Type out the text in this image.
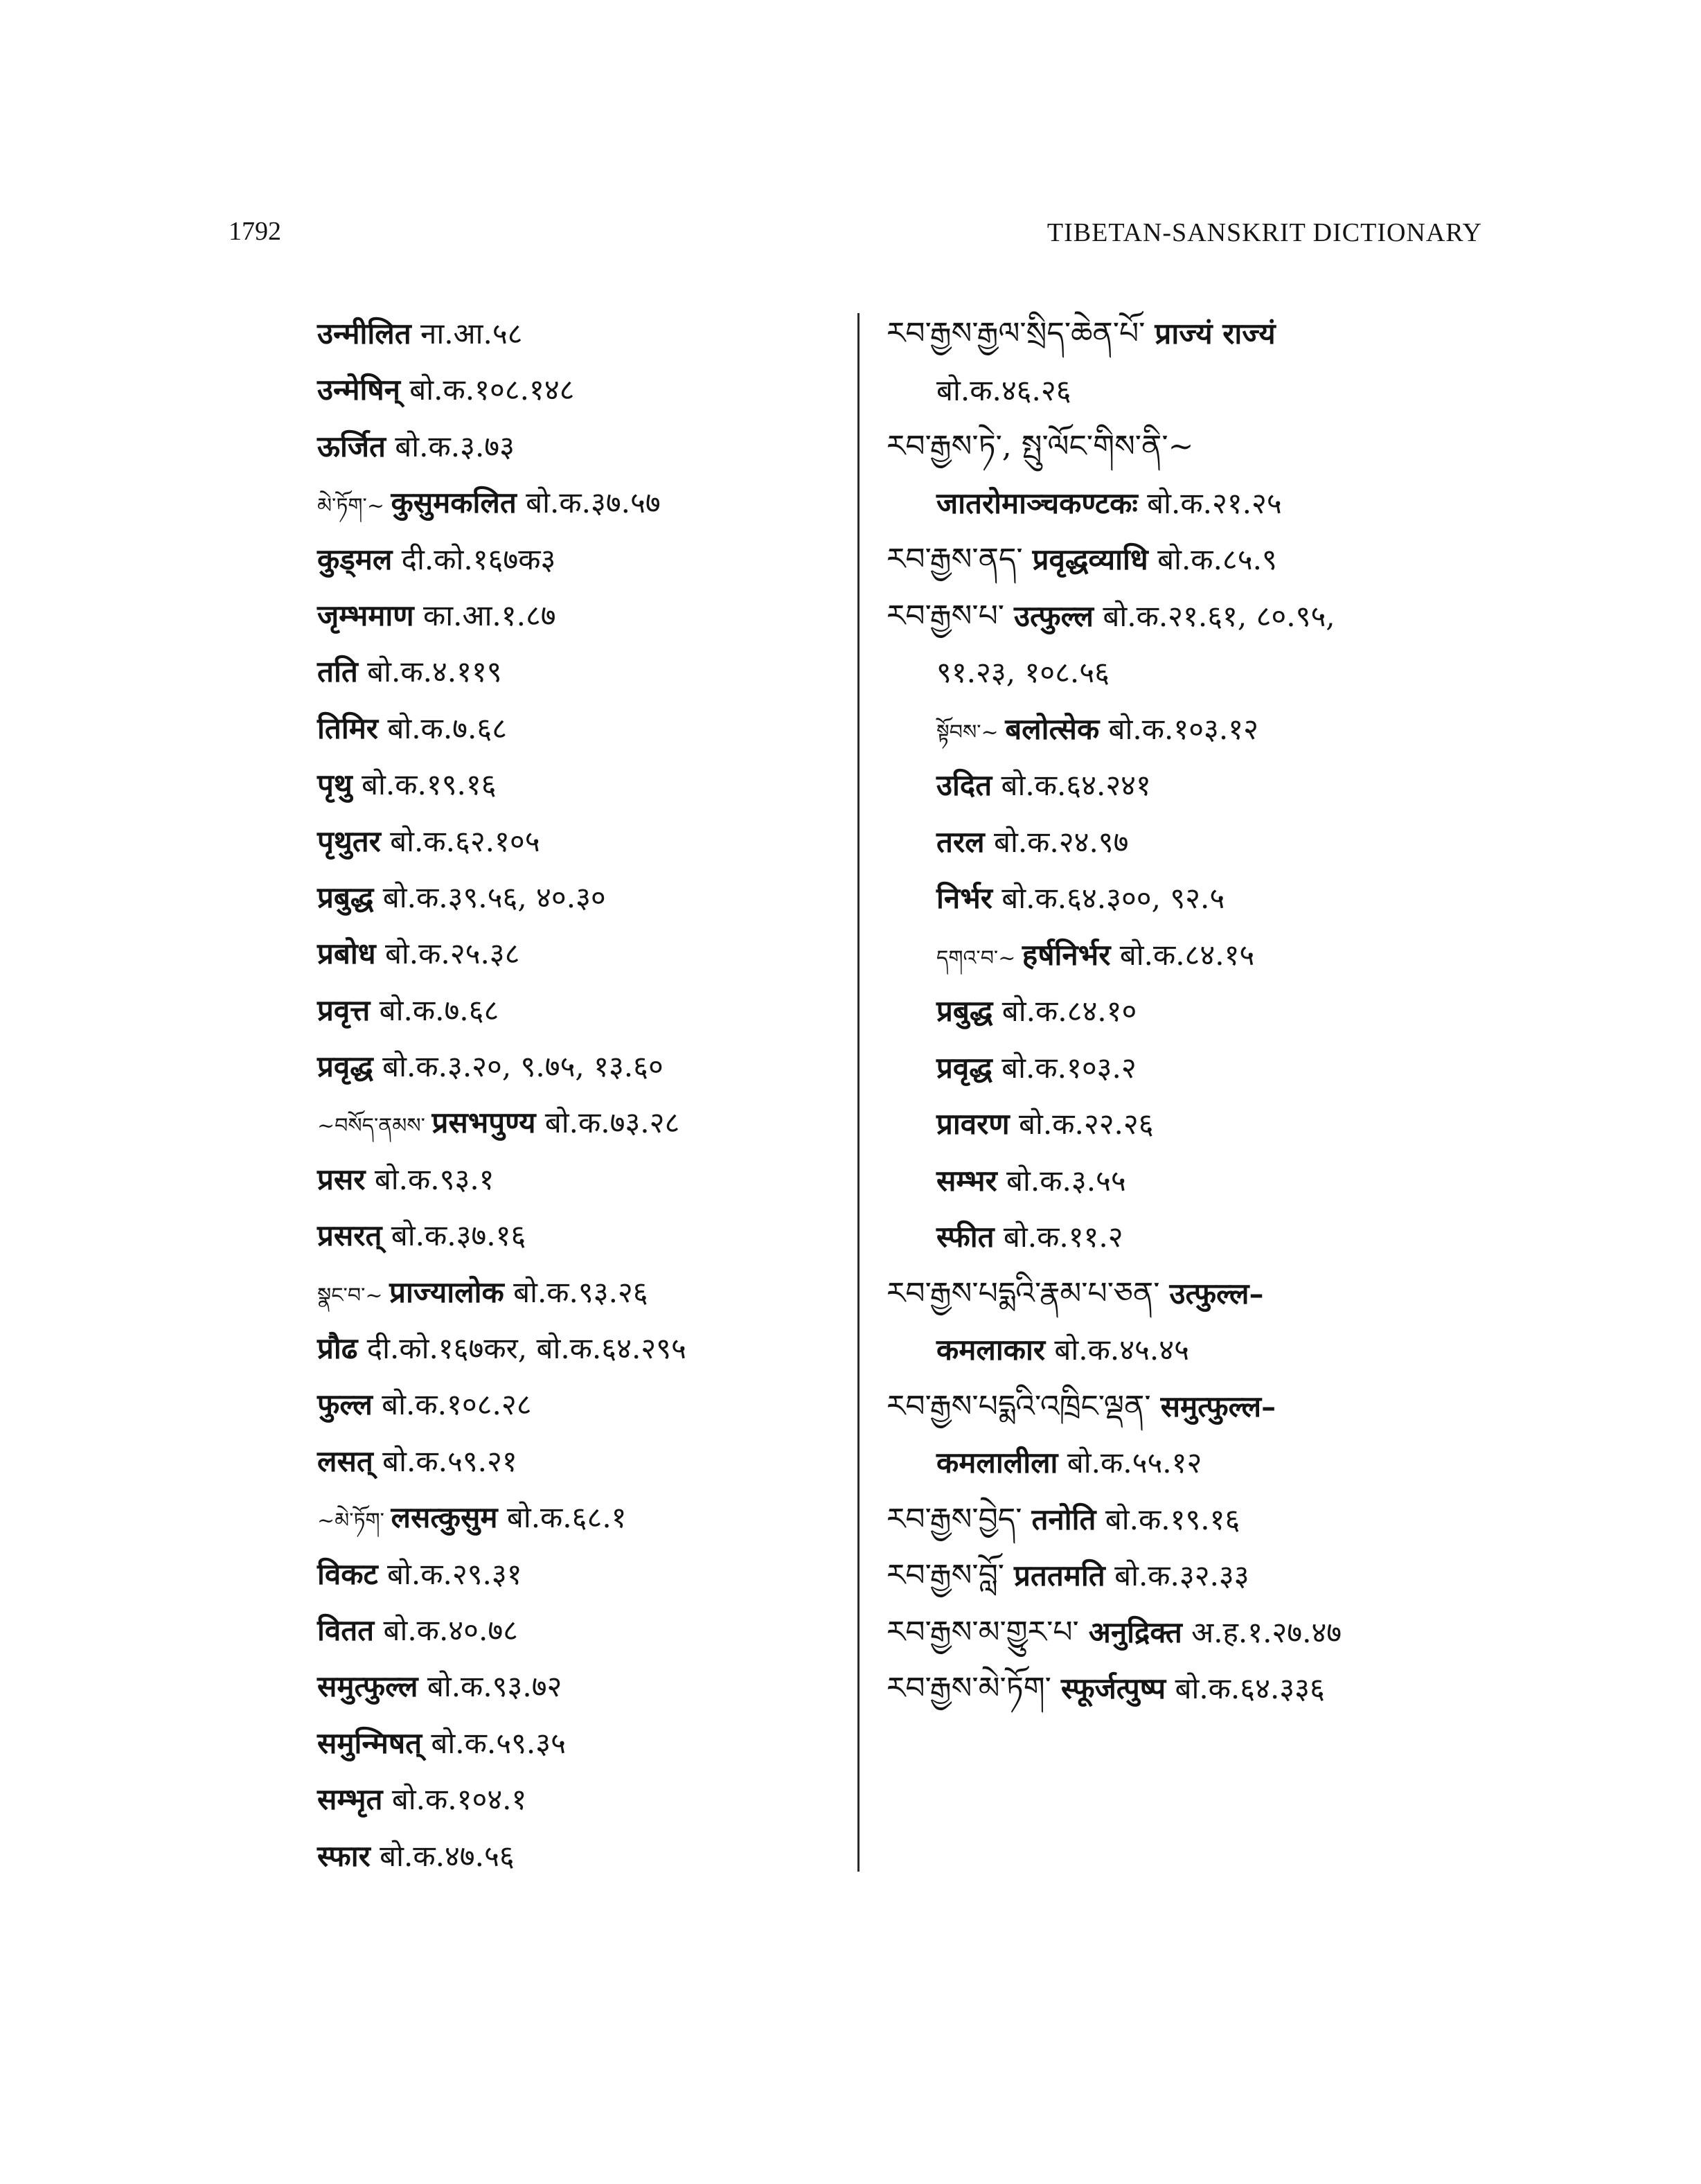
1792	TIBETAN-SANSKRIT DICTIONARY
उन्मीलित ना.आ.५८
उन्मेषिन् बो.क.१०८.१४८
ऊर्जित बो.क.३.७३
མེ་ཏོག་~ कुसुमकलित बो.क.३७.५७
कुड्मल दी.को.१६७क३
जृम्भमाण का.आ.१.८७
तति बो.क.४.११९
तिमिर बो.क.७.६८
पृथु बो.क.१९.१६
पृथुतर बो.क.६२.१०५
प्रबुद्ध बो.क.३९.५६, ४०.३०
प्रबोध बो.क.२५.३८
प्रवृत्त बो.क.७.६८
प्रवृद्ध बो.क.३.२०, ९.७५, १३.६०
~བསོད་ནམས་ प्रसभपुण्य बो.क.७३.२८
प्रसर बो.क.९३.१
प्रसरत् बो.क.३७.१६
སྣང་བ་~ प्राज्यालोक बो.क.९३.२६
प्रौढ दी.को.१६७कर, बो.क.६४.२९५
फुल्ल बो.क.१०८.२८
लसत् बो.क.५९.२१
~མེ་ཏོག་ लसत्कुसुम बो.क.६८.१
विकट बो.क.२९.३१
वितत बो.क.४०.७८
समुत्फुल्ल बो.क.९३.७२
समुन्मिषत् बो.क.५९.३५
सम्भृत बो.क.१०४.१
स्फार बो.क.४७.५६
རབ་རྒྱས་རྒྱལ་སྲིད་ཆེན་པོ་ प्राज्यं राज्यं
बो.क.४६.२६
རབ་རྒྱས་ཏེ་, སྤུ་ལོང་གིས་ནི་~
जातरोमाञ्चकण्टकः बो.क.२१.२५
རབ་རྒྱས་ནད་ प्रवृद्धव्याधि बो.क.८५.९
རབ་རྒྱས་པ་ उत्फुल्ल बो.क.२१.६१, ८०.९५,
९१.२३, १०८.५६
སྟོབས་~ बलोत्सेक बो.क.१०३.१२
उदित बो.क.६४.२४१
तरल बो.क.२४.९७
निर्भर बो.क.६४.३००, ९२.५
དགའ་བ་~ हर्षनिर्भर बो.क.८४.१५
प्रबुद्ध बो.क.८४.१०
प्रवृद्ध बो.क.१०३.२
प्रावरण बो.क.२२.२६
सम्भर बो.क.३.५५
स्फीत बो.क.११.२
རབ་རྒྱས་པདྨའི་རྣམ་པ་ཅན་ उत्फुल्ल–
कमलाकार बो.क.४५.४५
རབ་རྒྱས་པདྨའི་འཁྲིང་ལྡན་ समुत्फुल्ल–
कमलालीला बो.क.५५.१२
རབ་རྒྱས་བྱེད་ तनोति बो.क.१९.१६
རབ་རྒྱས་བློ་ प्रततमति बो.क.३२.३३
རབ་རྒྱས་མ་གྱུར་པ་ अनुद्रिक्त अ.ह.१.२७.४७
རབ་རྒྱས་མེ་ཏོག་ स्फूर्जत्पुष्प बो.क.६४.३३६
